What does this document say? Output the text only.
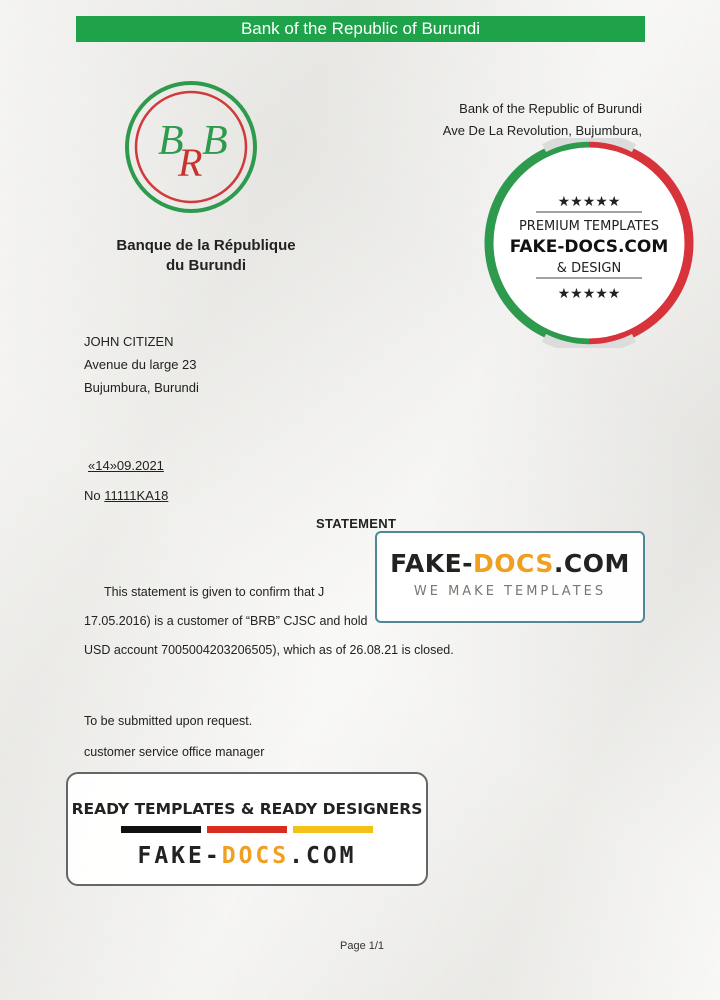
Bank of the Republic of Burundi
B
R B
Banque de la République
du Burundi
Bank of the Republic of Burundi
Ave De La Revolution, Bujumbura,
★★★★★
PREMIUM TEMPLATES
FAKE-DOCS.COM
& DESIGN
★★★★★
JOHN CITIZEN
Avenue du large 23
Bujumbura, Burundi
«14»09.2021
No 11111KA18
STATEMENT
This statement is given to confirm that J
17.05.2016) is a customer of “BRB” CJSC and hold
USD account 7005004203206505), which as of 26.08.21 is closed.
FAKE-DOCS.COM
WE MAKE TEMPLATES
To be submitted upon request.
customer service office manager
READY TEMPLATES & READY DESIGNERS
FAKE-DOCS.COM
Page 1/1
